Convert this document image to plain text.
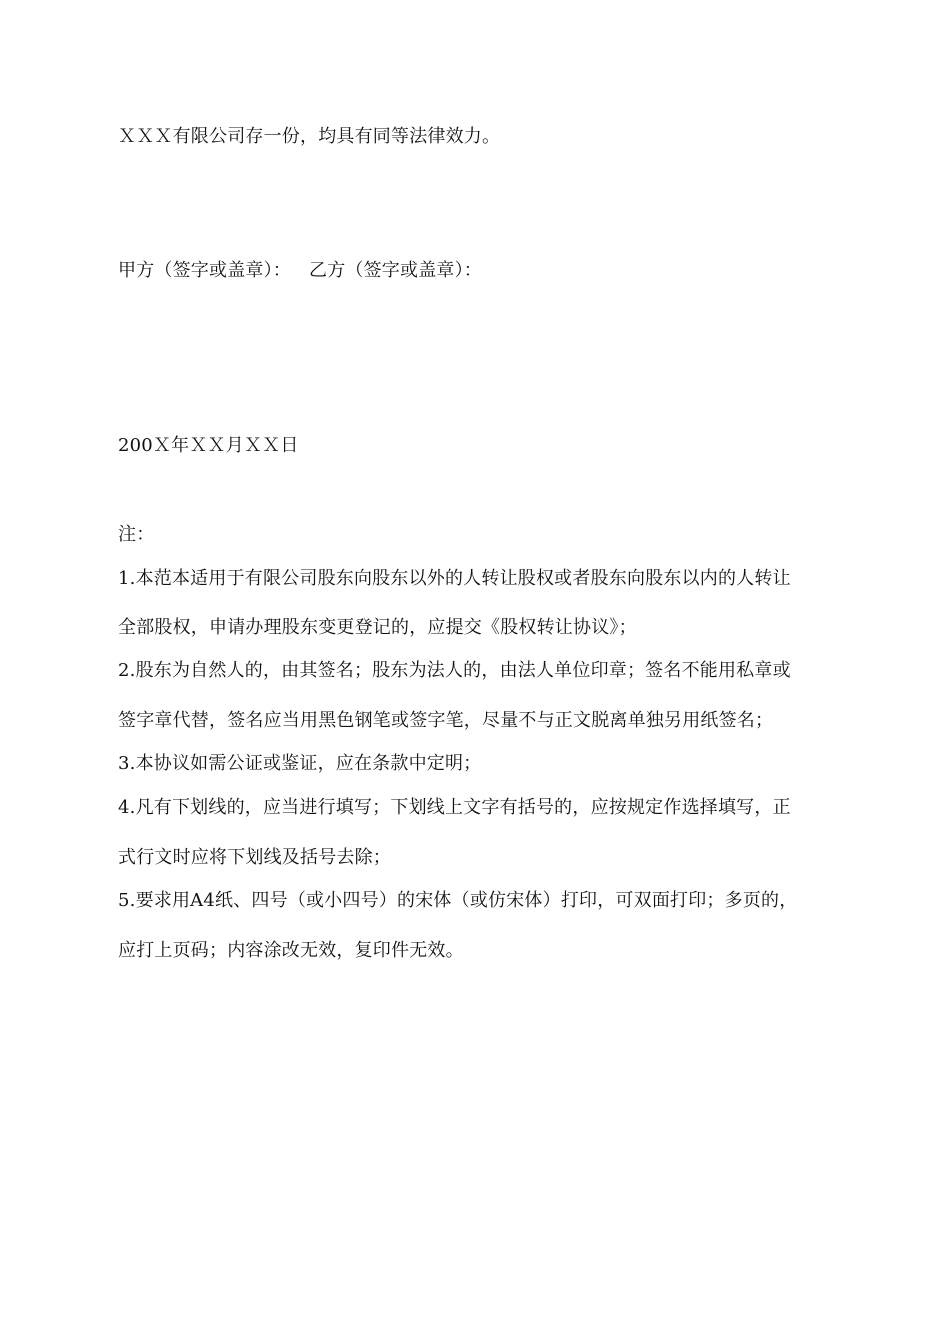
ＸＸＸ有限公司存一份，均具有同等法律效力。
甲方（签字或盖章）： 乙方（签字或盖章）：
200Ｘ年ＸＸ月ＸＸ日
注：
1.本范本适用于有限公司股东向股东以外的人转让股权或者股东向股东以内的人转让
全部股权，申请办理股东变更登记的，应提交《股权转让协议》；
2.股东为自然人的，由其签名；股东为法人的，由法人单位印章；签名不能用私章或
签字章代替，签名应当用黑色钢笔或签字笔，尽量不与正文脱离单独另用纸签名；
3.本协议如需公证或鉴证，应在条款中定明；
4.凡有下划线的，应当进行填写；下划线上文字有括号的，应按规定作选择填写，正
式行文时应将下划线及括号去除；
5.要求用A4纸、四号（或小四号）的宋体（或仿宋体）打印，可双面打印；多页的，
应打上页码；内容涂改无效，复印件无效。
